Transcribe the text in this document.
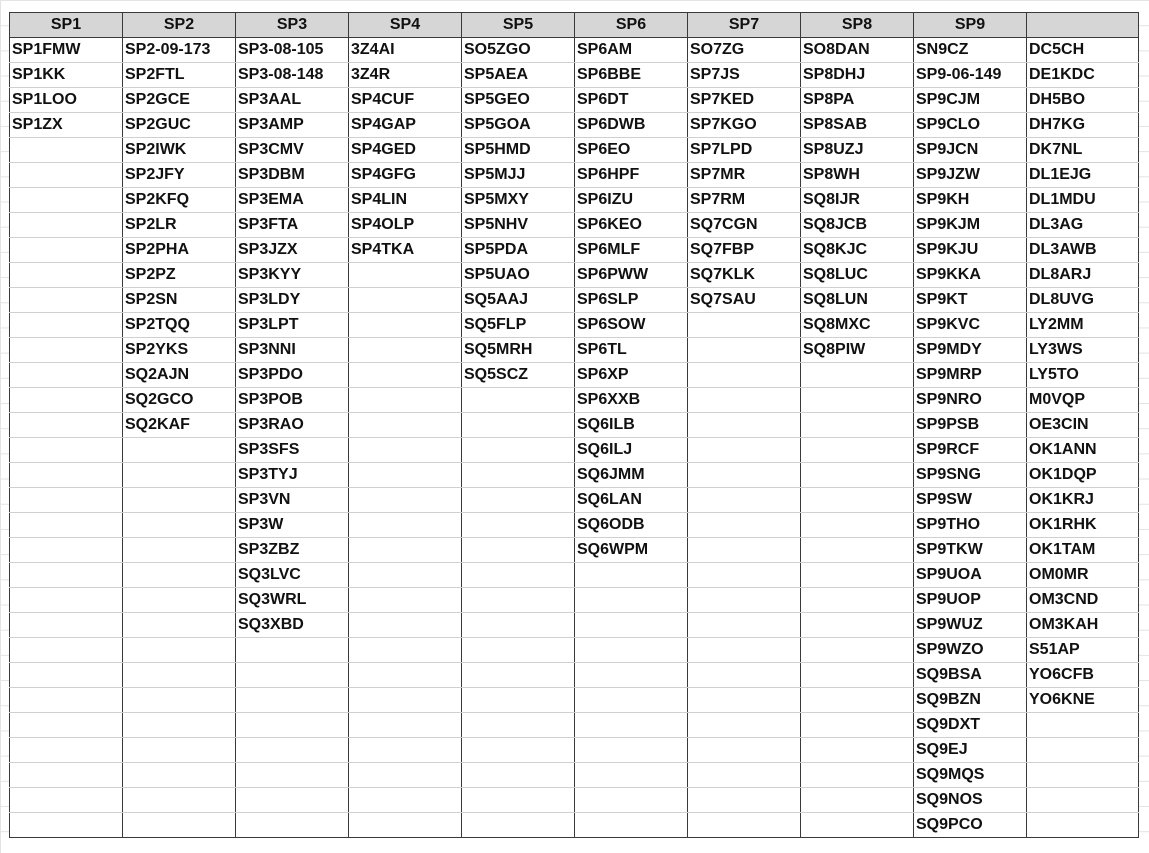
SP1	SP2	SP3	SP4	SP5	SP6	SP7	SP8	SP9	
SP1FMW	SP2-09-173	SP3-08-105	3Z4AI	SO5ZGO	SP6AM	SO7ZG	SO8DAN	SN9CZ	DC5CH
SP1KK	SP2FTL	SP3-08-148	3Z4R	SP5AEA	SP6BBE	SP7JS	SP8DHJ	SP9-06-149	DE1KDC
SP1LOO	SP2GCE	SP3AAL	SP4CUF	SP5GEO	SP6DT	SP7KED	SP8PA	SP9CJM	DH5BO
SP1ZX	SP2GUC	SP3AMP	SP4GAP	SP5GOA	SP6DWB	SP7KGO	SP8SAB	SP9CLO	DH7KG
	SP2IWK	SP3CMV	SP4GED	SP5HMD	SP6EO	SP7LPD	SP8UZJ	SP9JCN	DK7NL
	SP2JFY	SP3DBM	SP4GFG	SP5MJJ	SP6HPF	SP7MR	SP8WH	SP9JZW	DL1EJG
	SP2KFQ	SP3EMA	SP4LIN	SP5MXY	SP6IZU	SP7RM	SQ8IJR	SP9KH	DL1MDU
	SP2LR	SP3FTA	SP4OLP	SP5NHV	SP6KEO	SQ7CGN	SQ8JCB	SP9KJM	DL3AG
	SP2PHA	SP3JZX	SP4TKA	SP5PDA	SP6MLF	SQ7FBP	SQ8KJC	SP9KJU	DL3AWB
	SP2PZ	SP3KYY		SP5UAO	SP6PWW	SQ7KLK	SQ8LUC	SP9KKA	DL8ARJ
	SP2SN	SP3LDY		SQ5AAJ	SP6SLP	SQ7SAU	SQ8LUN	SP9KT	DL8UVG
	SP2TQQ	SP3LPT		SQ5FLP	SP6SOW		SQ8MXC	SP9KVC	LY2MM
	SP2YKS	SP3NNI		SQ5MRH	SP6TL		SQ8PIW	SP9MDY	LY3WS
	SQ2AJN	SP3PDO		SQ5SCZ	SP6XP			SP9MRP	LY5TO
	SQ2GCO	SP3POB			SP6XXB			SP9NRO	M0VQP
	SQ2KAF	SP3RAO			SQ6ILB			SP9PSB	OE3CIN
		SP3SFS			SQ6ILJ			SP9RCF	OK1ANN
		SP3TYJ			SQ6JMM			SP9SNG	OK1DQP
		SP3VN			SQ6LAN			SP9SW	OK1KRJ
		SP3W			SQ6ODB			SP9THO	OK1RHK
		SP3ZBZ			SQ6WPM			SP9TKW	OK1TAM
		SQ3LVC						SP9UOA	OM0MR
		SQ3WRL						SP9UOP	OM3CND
		SQ3XBD						SP9WUZ	OM3KAH
								SP9WZO	S51AP
								SQ9BSA	YO6CFB
								SQ9BZN	YO6KNE
								SQ9DXT	
								SQ9EJ	
								SQ9MQS	
								SQ9NOS	
								SQ9PCO	
